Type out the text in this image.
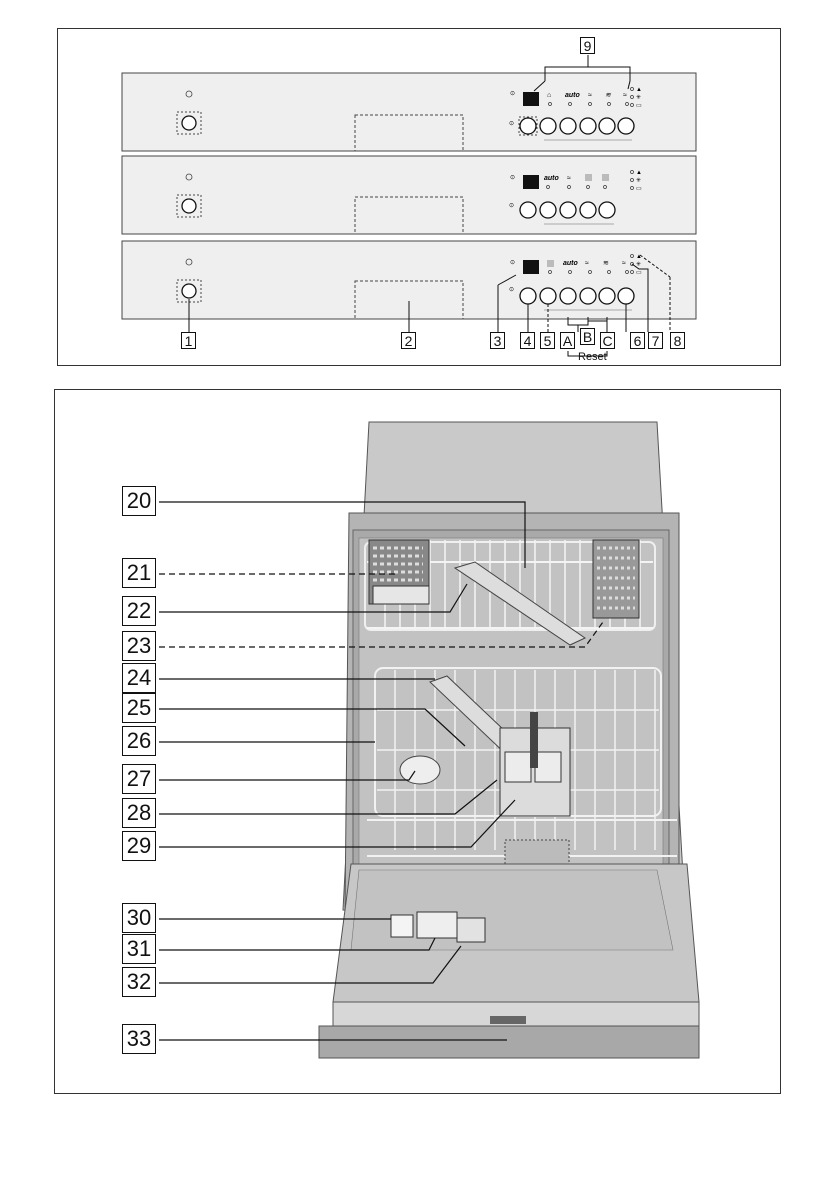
⊙	⌂ auto ≈ ≋ ≈
▲
✳
▭
⊙
⊙	auto ≈
▲
✳
▭
⊙
⊙	auto ≈ ≋ ≈
▲
✳
▭
⊙
1	2	3 4 5 A B C 6 7 8
9
Reset
20
21
22
23
24
25
26
27
28
29
30
31
32
33
